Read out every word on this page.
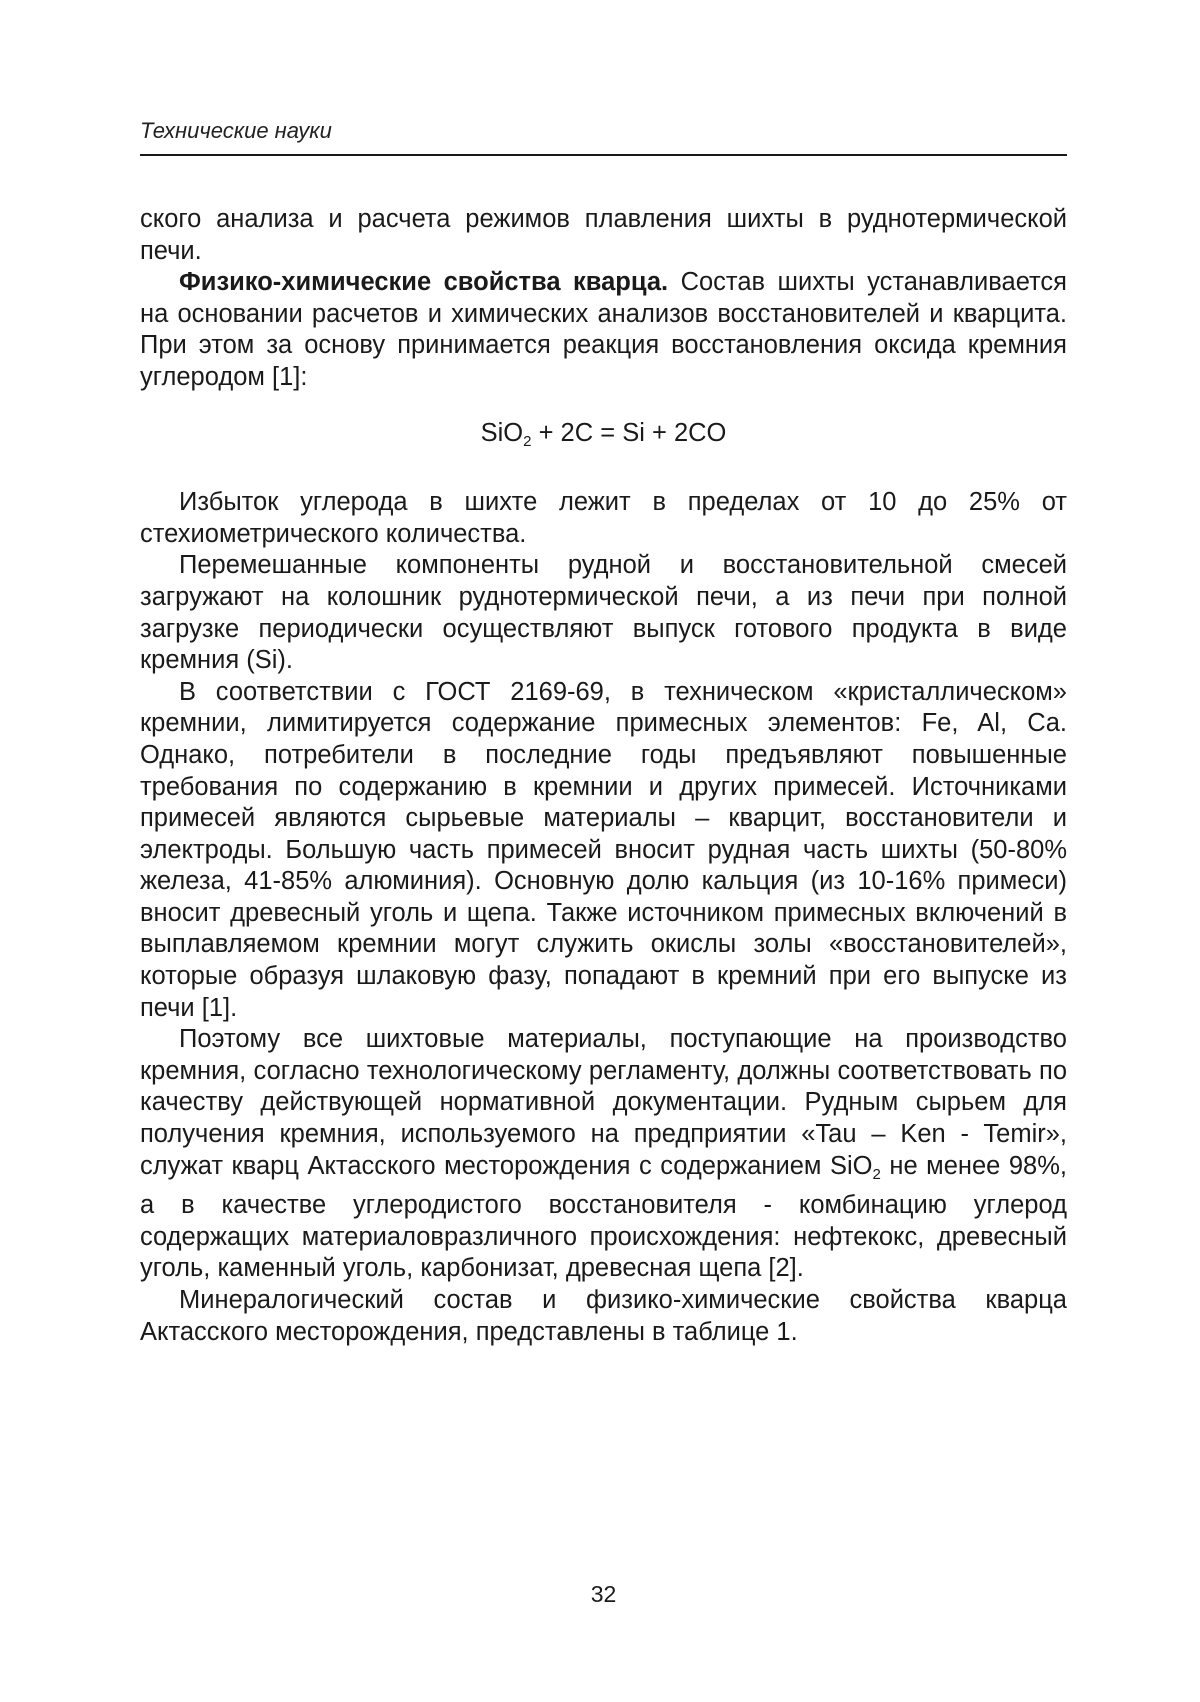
Технические науки

ского анализа и расчета режимов плавления шихты в руднотермической печи.

Физико-химические свойства кварца. Состав шихты устанавливается на основании расчетов и химических анализов восстановителей и кварцита. При этом за основу принимается реакция восстановления оксида кремния углеродом [1]:

SiO$_2$ + 2C = Si + 2CO

Избыток углерода в шихте лежит в пределах от 10 до 25% от стехиометрического количества.

Перемешанные компоненты рудной и восстановительной смесей загружают на колошник руднотермической печи, а из печи при полной загрузке периодически осуществляют выпуск готового продукта в виде кремния (Si).

В соответствии с ГОСТ 2169-69, в техническом «кристаллическом» кремнии, лимитируется содержание примесных элементов: Fe, Al, Ca. Однако, потребители в последние годы предъявляют повышенные требования по содержанию в кремнии и других примесей. Источниками примесей являются сырьевые материалы – кварцит, восстановители и электроды. Большую часть примесей вносит рудная часть шихты (50-80% железа, 41-85% алюминия). Основную долю кальция (из 10-16% примеси) вносит древесный уголь и щепа. Также источником примесных включений в выплавляемом кремнии могут служить окислы золы «восстановителей», которые образуя шлаковую фазу, попадают в кремний при его выпуске из печи [1].

Поэтому все шихтовые материалы, поступающие на производство кремния, согласно технологическому регламенту, должны соответствовать по качеству действующей нормативной документации. Рудным сырьем для получения кремния, используемого на предприятии «Tau – Ken - Temir», служат кварц Актасского месторождения с содержанием SiO$_2$ не менее 98%, а в качестве углеродистого восстановителя - комбинацию углерод содержащих материаловразличного происхождения: нефтекокс, древесный уголь, каменный уголь, карбонизат, древесная щепа [2].

Минералогический состав и физико-химические свойства кварца Актасского месторождения, представлены в таблице 1.

32
